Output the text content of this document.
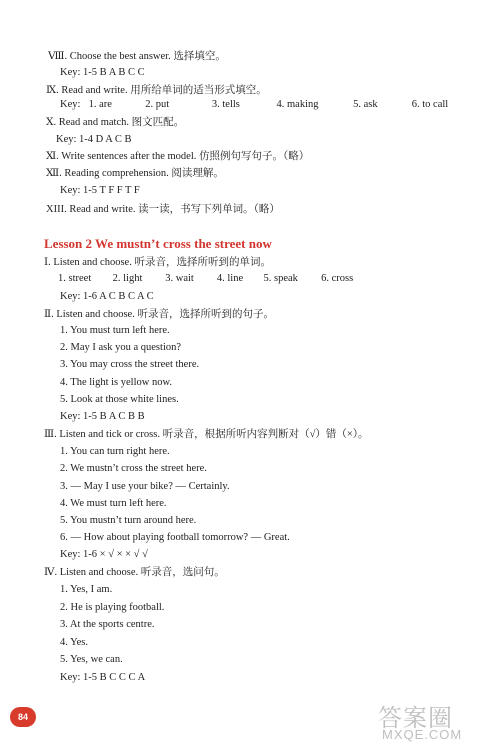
Ⅷ. Choose the best answer. 选择填空。
Key: 1-5 B A B C C
Ⅸ. Read and write. 用所给单词的适当形式填空。
Key: 1. are	2. put	3. tells	4. making	5. ask	6. to call
Ⅹ. Read and match. 图文匹配。
Key: 1-4 D A C B
Ⅺ. Write sentences after the model. 仿照例句写句子。（略）
Ⅻ. Reading comprehension. 阅读理解。
Key: 1-5 T F F T F
XIII. Read and write. 读一读，书写下列单词。（略）
Lesson 2 We mustn’t cross the street now
Ⅰ. Listen and choose. 听录音，选择所听到的单词。
1. street 2. light 3. wait 4. line 5. speak 6. cross
Key: 1-6 A C B C A C
Ⅱ. Listen and choose. 听录音，选择所听到的句子。
1. You must turn left here.
2. May I ask you a question?
3. You may cross the street there.
4. The light is yellow now.
5. Look at those white lines.
Key: 1-5 B A C B B
Ⅲ. Listen and tick or cross. 听录音，根据所听内容判断对（√）错（×）。
1. You can turn right here.
2. We mustn’t cross the street here.
3. — May I use your bike? — Certainly.
4. We must turn left here.
5. You mustn’t turn around here.
6. — How about playing football tomorrow? — Great.
Key: 1-6 × √ × × √ √
Ⅳ. Listen and choose. 听录音，选问句。
1. Yes, I am.
2. He is playing football.
3. At the sports centre.
4. Yes.
5. Yes, we can.
Key: 1-5 B C C C A
84	答案圈
MXQE.COM
